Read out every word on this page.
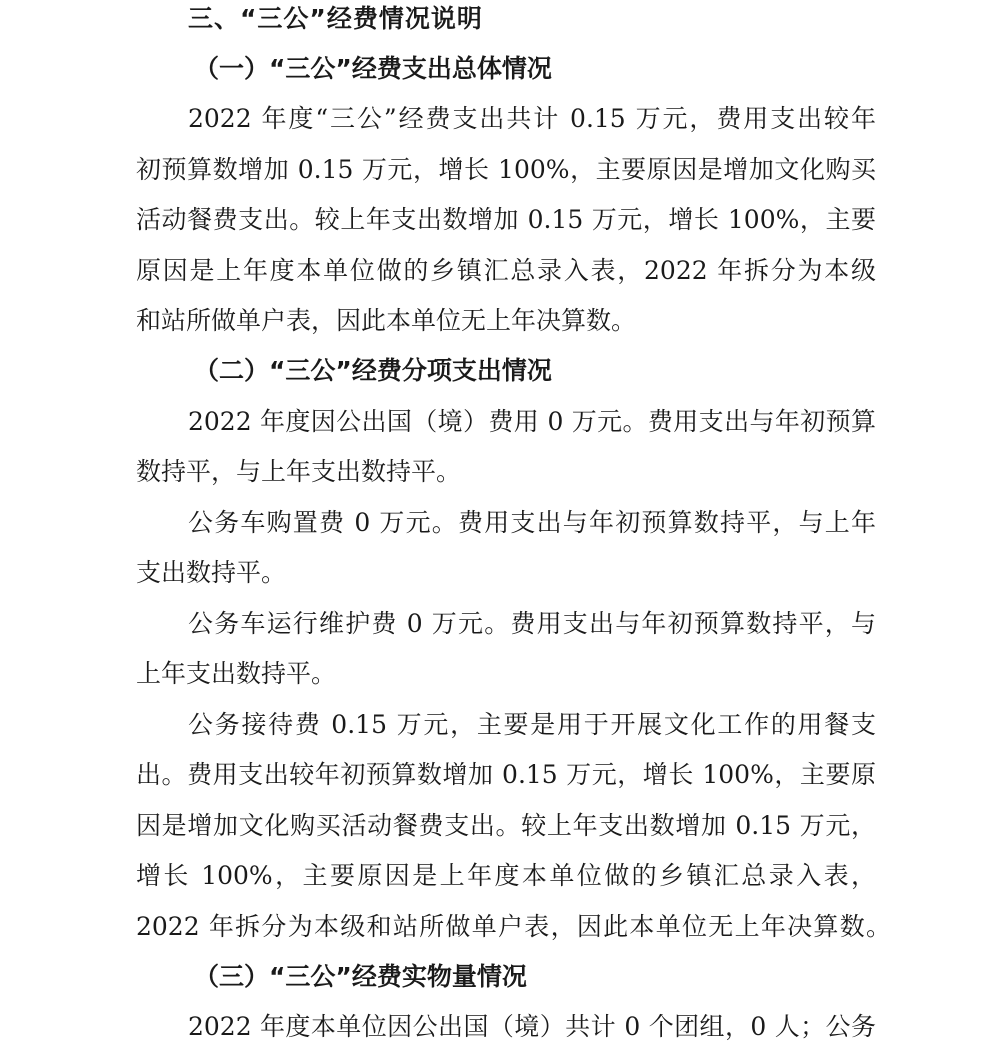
三、“三公”经费情况说明
（一）“三公”经费支出总体情况
2022 年度“三公”经费支出共计 0.15 万元，费用支出较年
初预算数增加 0.15 万元，增长 100%，主要原因是增加文化购买
活动餐费支出。较上年支出数增加 0.15 万元，增长 100%，主要
原因是上年度本单位做的乡镇汇总录入表，2022 年拆分为本级
和站所做单户表，因此本单位无上年决算数。
（二）“三公”经费分项支出情况
2022 年度因公出国（境）费用 0 万元。费用支出与年初预算
数持平，与上年支出数持平。
公务车购置费 0 万元。费用支出与年初预算数持平，与上年
支出数持平。
公务车运行维护费 0 万元。费用支出与年初预算数持平，与
上年支出数持平。
公务接待费 0.15 万元，主要是用于开展文化工作的用餐支
出。费用支出较年初预算数增加 0.15 万元，增长 100%，主要原
因是增加文化购买活动餐费支出。较上年支出数增加 0.15 万元，
增长 100%，主要原因是上年度本单位做的乡镇汇总录入表，
2022 年拆分为本级和站所做单户表，因此本单位无上年决算数。
（三）“三公”经费实物量情况
2022 年度本单位因公出国（境）共计 0 个团组，0 人；公务
